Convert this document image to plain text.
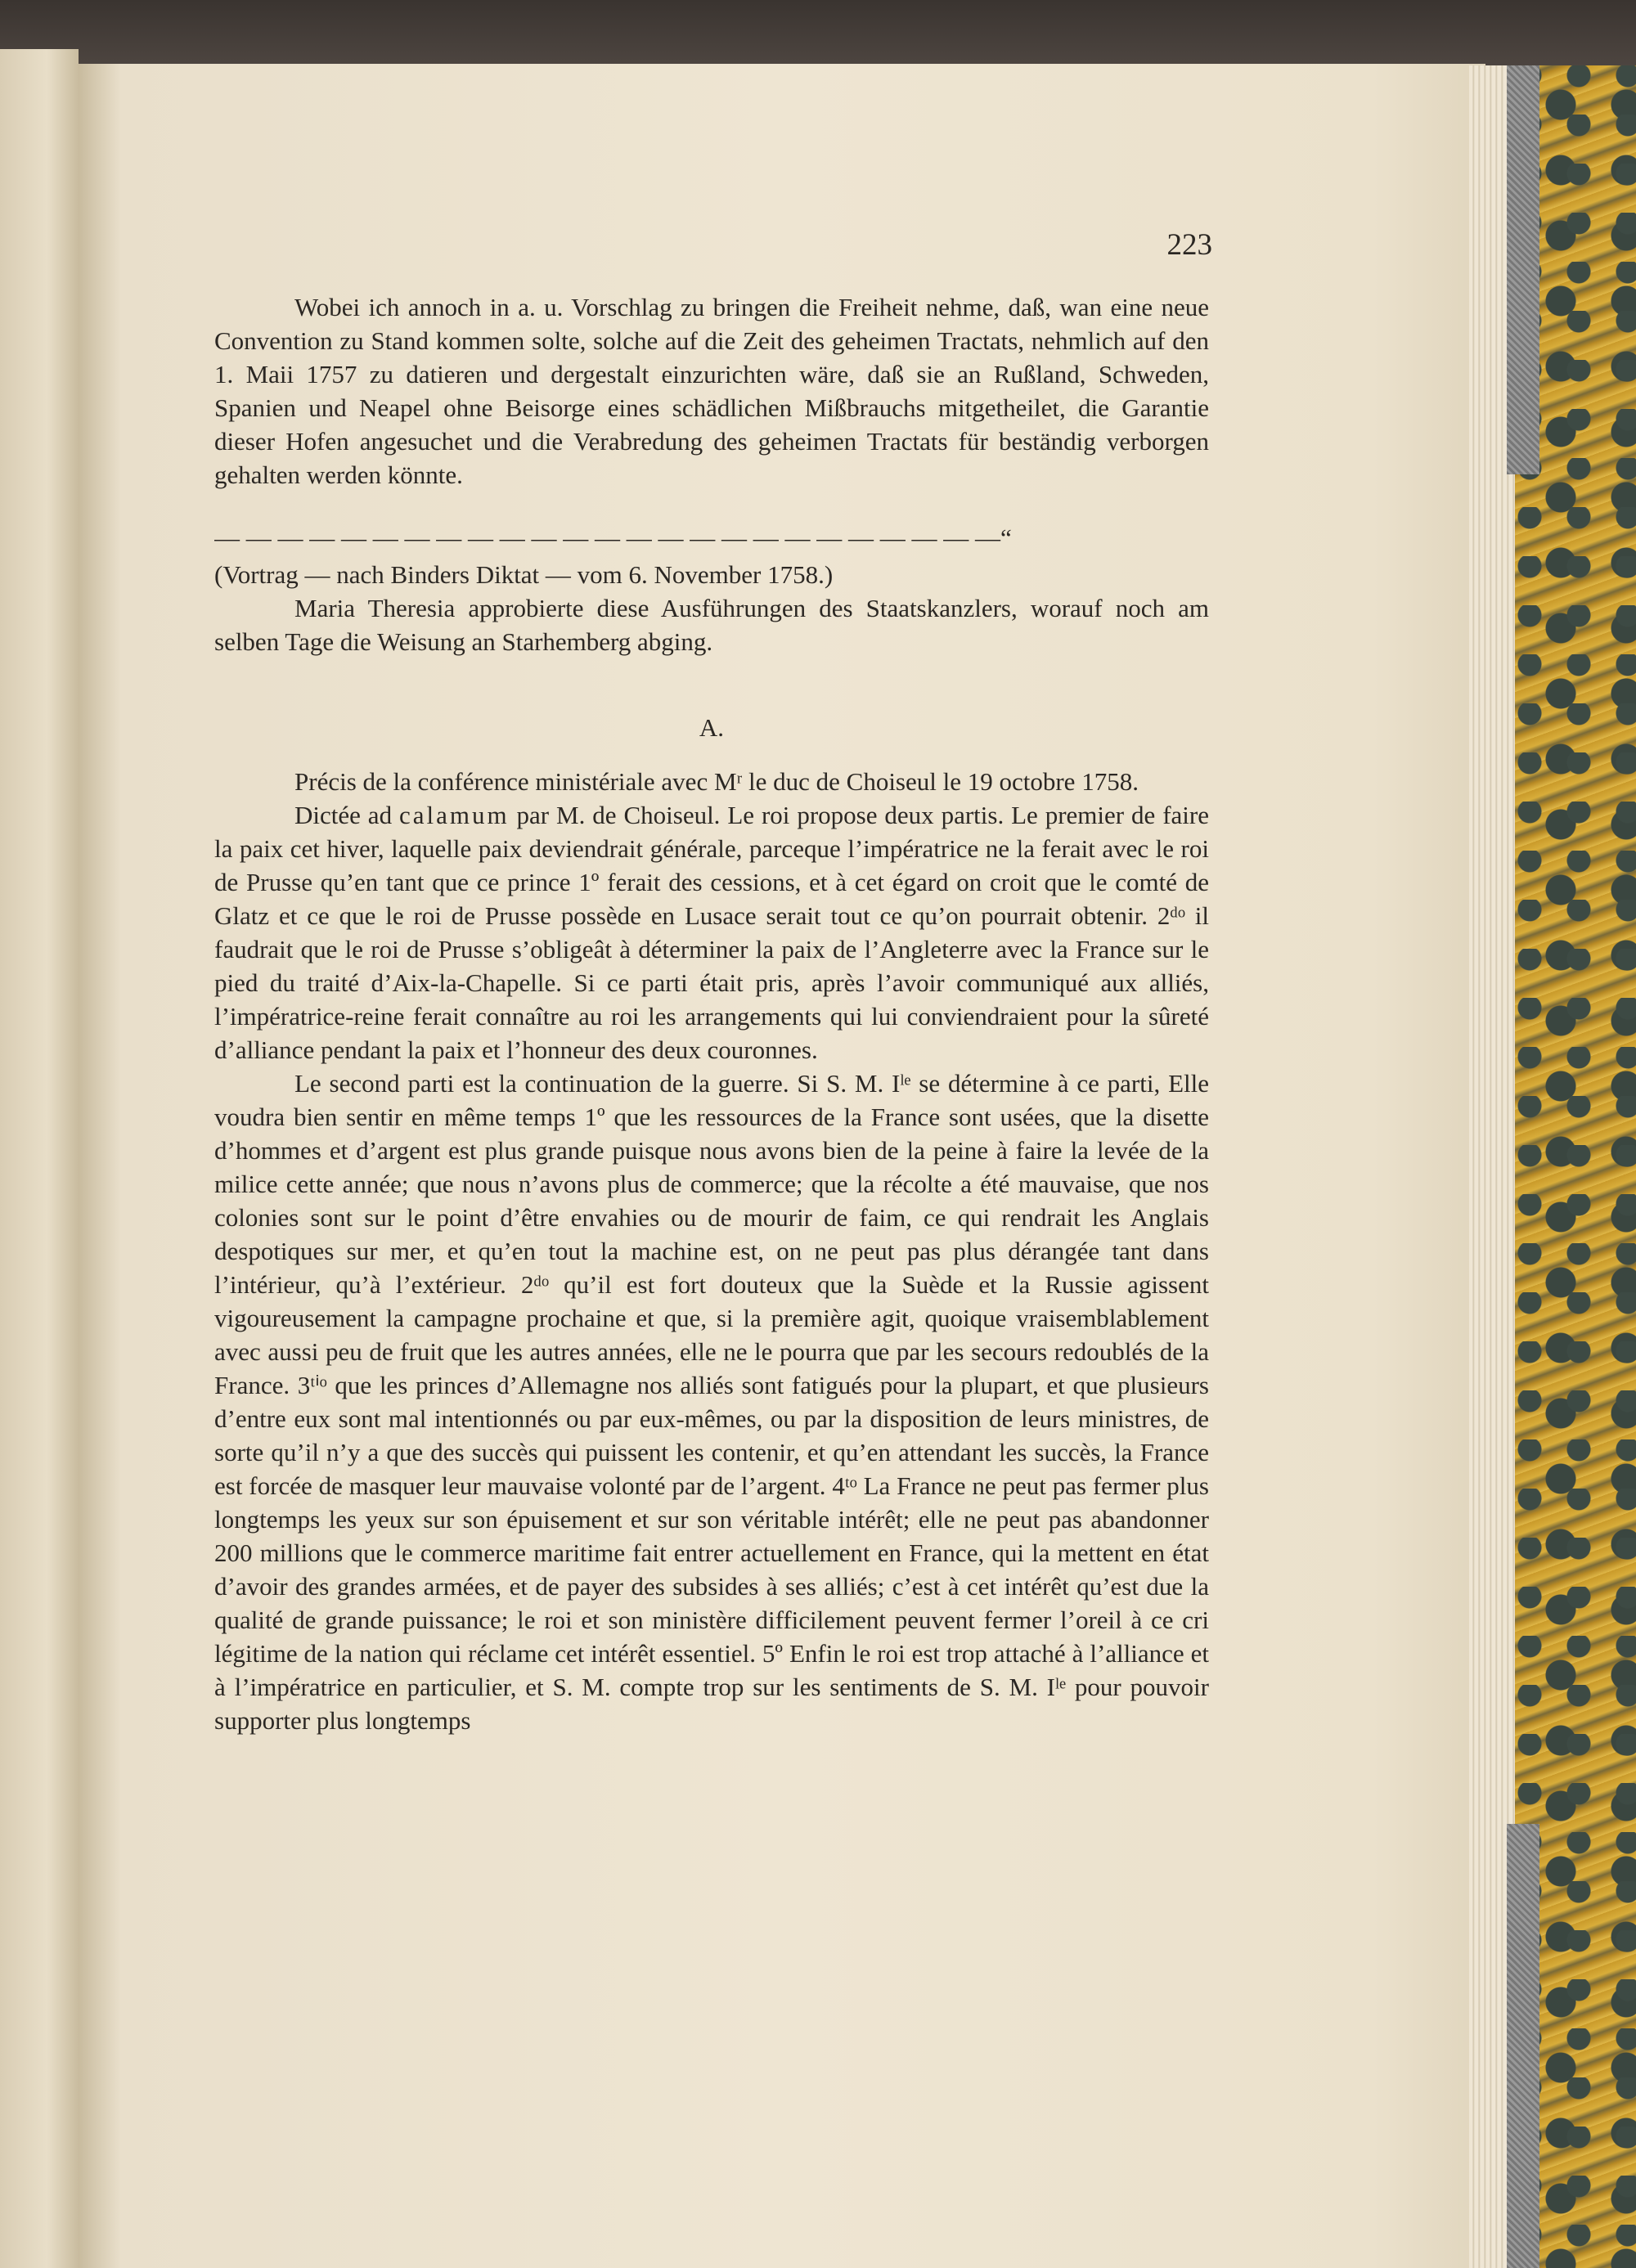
223

Wobei ich annoch in a. u. Vorschlag zu bringen die Freiheit nehme, daß, wan eine neue Convention zu Stand kommen solte, solche auf die Zeit des geheimen Tractats, nehmlich auf den 1. Maii 1757 zu datieren und dergestalt einzurichten wäre, daß sie an Rußland, Schweden, Spanien und Neapel ohne Beisorge eines schädlichen Mißbrauchs mitgetheilet, die Garantie dieser Hofen angesuchet und die Verabredung des geheimen Tractats für beständig verborgen gehalten werden könnte.

— — — — — — — — — — — — — — — — — — — — — — — — —“

(Vortrag — nach Binders Diktat — vom 6. November 1758.)

Maria Theresia approbierte diese Ausführungen des Staatskanzlers, worauf noch am selben Tage die Weisung an Starhemberg abging.

A.

Précis de la conférence ministériale avec Mʳ le duc de Choiseul le 19 octobre 1758.

Dictée ad calamum par M. de Choiseul. Le roi propose deux partis. Le premier de faire la paix cet hiver, laquelle paix deviendrait générale, parceque l’impératrice ne la ferait avec le roi de Prusse qu’en tant que ce prince 1º ferait des cessions, et à cet égard on croit que le comté de Glatz et ce que le roi de Prusse possède en Lusace serait tout ce qu’on pourrait obtenir. 2ᵈᵒ il faudrait que le roi de Prusse s’obligeât à déterminer la paix de l’Angleterre avec la France sur le pied du traité d’Aix-la-Chapelle. Si ce parti était pris, après l’avoir communiqué aux alliés, l’impératrice-reine ferait connaître au roi les arrangements qui lui conviendraient pour la sûreté d’alliance pendant la paix et l’honneur des deux couronnes.

Le second parti est la continuation de la guerre. Si S. M. Iˡᵉ se détermine à ce parti, Elle voudra bien sentir en même temps 1º que les ressources de la France sont usées, que la disette d’hommes et d’argent est plus grande puisque nous avons bien de la peine à faire la levée de la milice cette année; que nous n’avons plus de commerce; que la récolte a été mauvaise, que nos colonies sont sur le point d’être envahies ou de mourir de faim, ce qui rendrait les Anglais despotiques sur mer, et qu’en tout la machine est, on ne peut pas plus dérangée tant dans l’intérieur, qu’à l’extérieur. 2ᵈᵒ qu’il est fort douteux que la Suède et la Russie agissent vigoureusement la campagne prochaine et que, si la première agit, quoique vraisemblablement avec aussi peu de fruit que les autres années, elle ne le pourra que par les secours redoublés de la France. 3ᵗⁱᵒ que les princes d’Allemagne nos alliés sont fatigués pour la plupart, et que plusieurs d’entre eux sont mal intentionnés ou par eux-mêmes, ou par la disposition de leurs ministres, de sorte qu’il n’y a que des succès qui puissent les contenir, et qu’en attendant les succès, la France est forcée de masquer leur mauvaise volonté par de l’argent. 4ᵗᵒ La France ne peut pas fermer plus longtemps les yeux sur son épuisement et sur son véritable intérêt; elle ne peut pas abandonner 200 millions que le commerce maritime fait entrer actuellement en France, qui la mettent en état d’avoir des grandes armées, et de payer des subsides à ses alliés; c’est à cet intérêt qu’est due la qualité de grande puissance; le roi et son ministère difficilement peuvent fermer l’oreil à ce cri légitime de la nation qui réclame cet intérêt essentiel. 5º Enfin le roi est trop attaché à l’alliance et à l’impératrice en particulier, et S. M. compte trop sur les sentiments de S. M. Iˡᵉ pour pouvoir supporter plus longtemps
